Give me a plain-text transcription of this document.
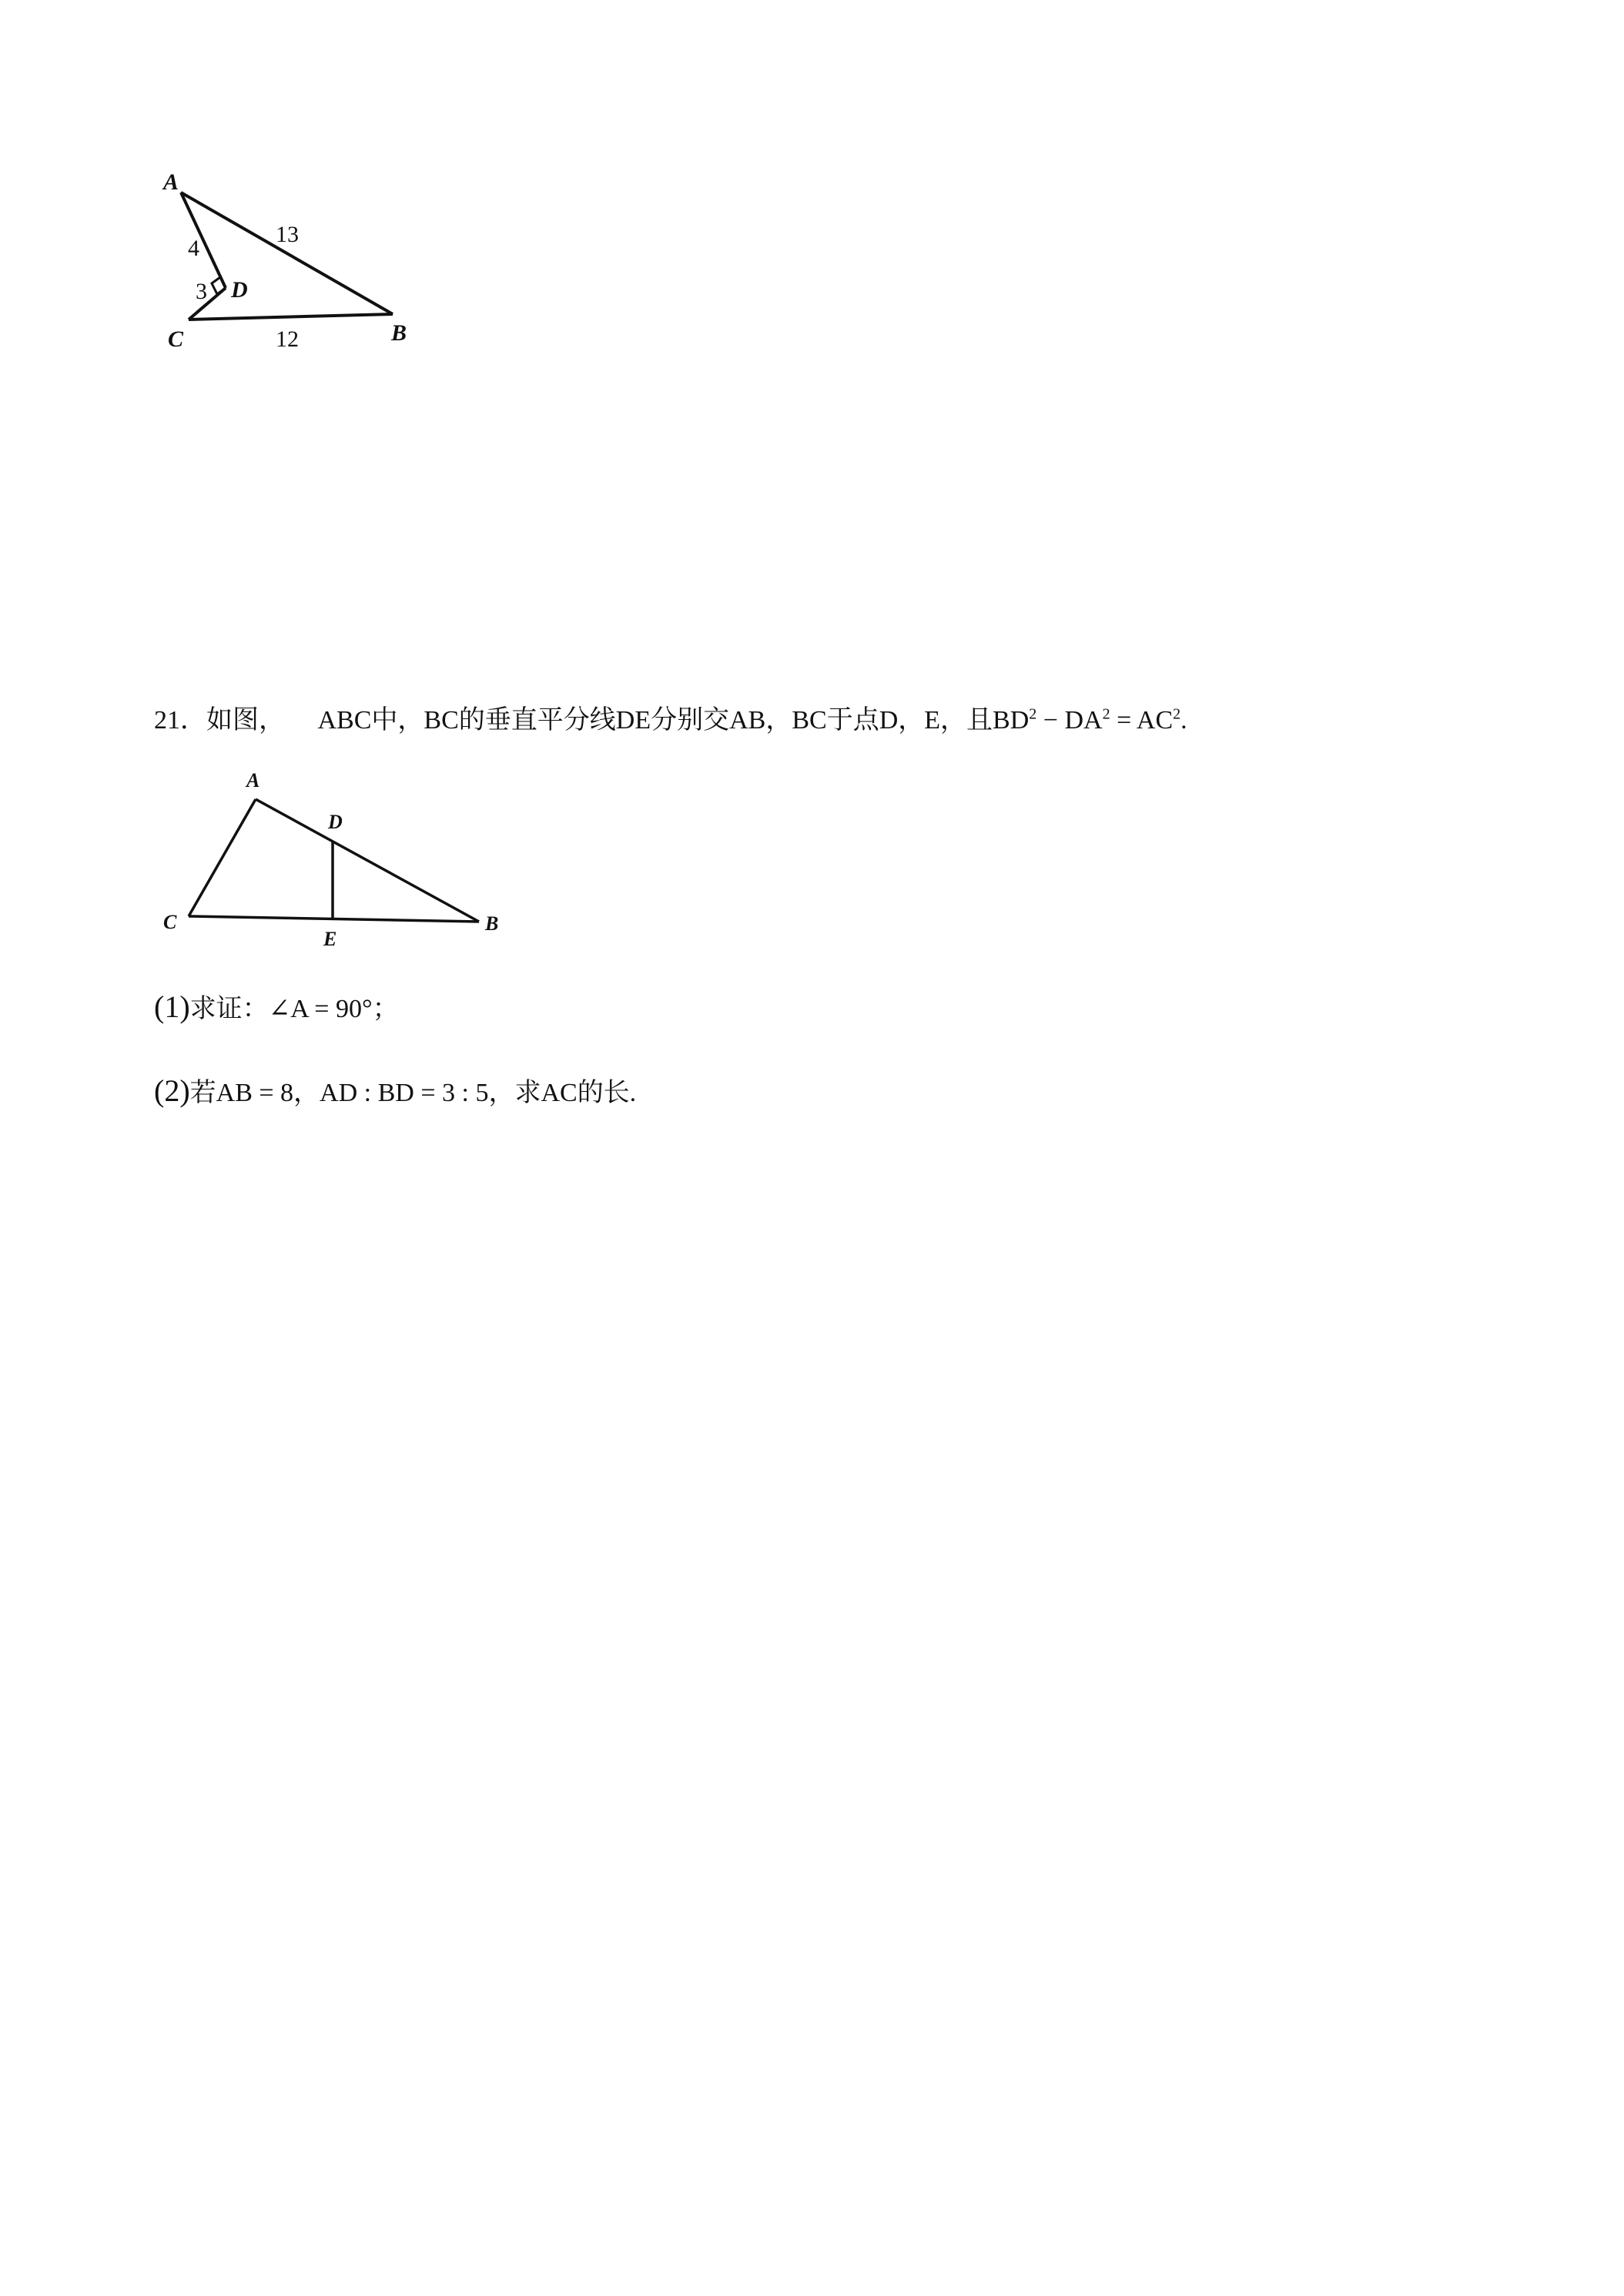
A
B
C
D
4
13
3
12
21．如图， ABC中，BC的垂直平分线DE分别交AB，BC于点D，E，且$BD^2 - DA^2 = AC^2$.
A
B
C
D
E
(1)求证：∠A = 90°；
(2)若AB = 8，AD : BD = 3 : 5，求AC的长.
